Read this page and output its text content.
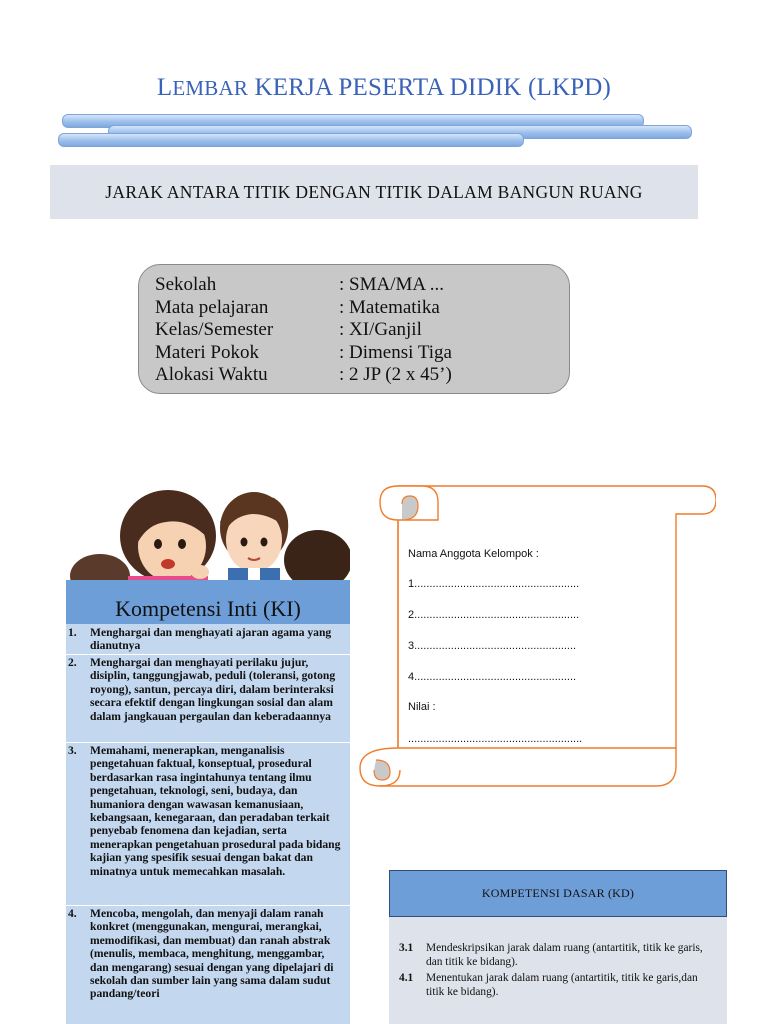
LEMBAR KERJA PESERTA DIDIK (LKPD)
JARAK ANTARA TITIK DENGAN TITIK DALAM BANGUN RUANG
Sekolah	: SMA/MA ...
Mata pelajaran	: Matematika
Kelas/Semester	: XI/Ganjil
Materi Pokok	: Dimensi Tiga
Alokasi Waktu	: 2 JP (2 x 45’)
Kompetensi Inti (KI)
1. Menghargai dan menghayati ajaran agama yang dianutnya
2. Menghargai dan menghayati perilaku jujur, disiplin, tanggungjawab, peduli (toleransi, gotong royong), santun, percaya diri, dalam berinteraksi secara efektif dengan lingkungan sosial dan alam dalam jangkauan pergaulan dan keberadaannya
3. Memahami, menerapkan, menganalisis pengetahuan faktual, konseptual, prosedural berdasarkan rasa ingintahunya tentang ilmu pengetahuan, teknologi, seni, budaya, dan humaniora dengan wawasan kemanusiaan, kebangsaan, kenegaraan, dan peradaban terkait penyebab fenomena dan kejadian, serta menerapkan pengetahuan prosedural pada bidang kajian yang spesifik sesuai dengan bakat dan minatnya untuk memecahkan masalah.
4. Mencoba, mengolah, dan menyaji dalam ranah konkret (menggunakan, mengurai, merangkai, memodifikasi, dan membuat) dan ranah abstrak (menulis, membaca, menghitung, menggambar, dan mengarang) sesuai dengan yang dipelajari di sekolah dan sumber lain yang sama dalam sudut pandang/teori
Nama Anggota Kelompok :
1......................................................
2......................................................
3.....................................................
4.....................................................
Nilai :
.........................................................
KOMPETENSI DASAR (KD)
3.1 Mendeskripsikan jarak dalam ruang (antartitik, titik ke garis, dan titik ke bidang).
4.1 Menentukan jarak dalam ruang (antartitik, titik ke garis,dan titik ke bidang).
